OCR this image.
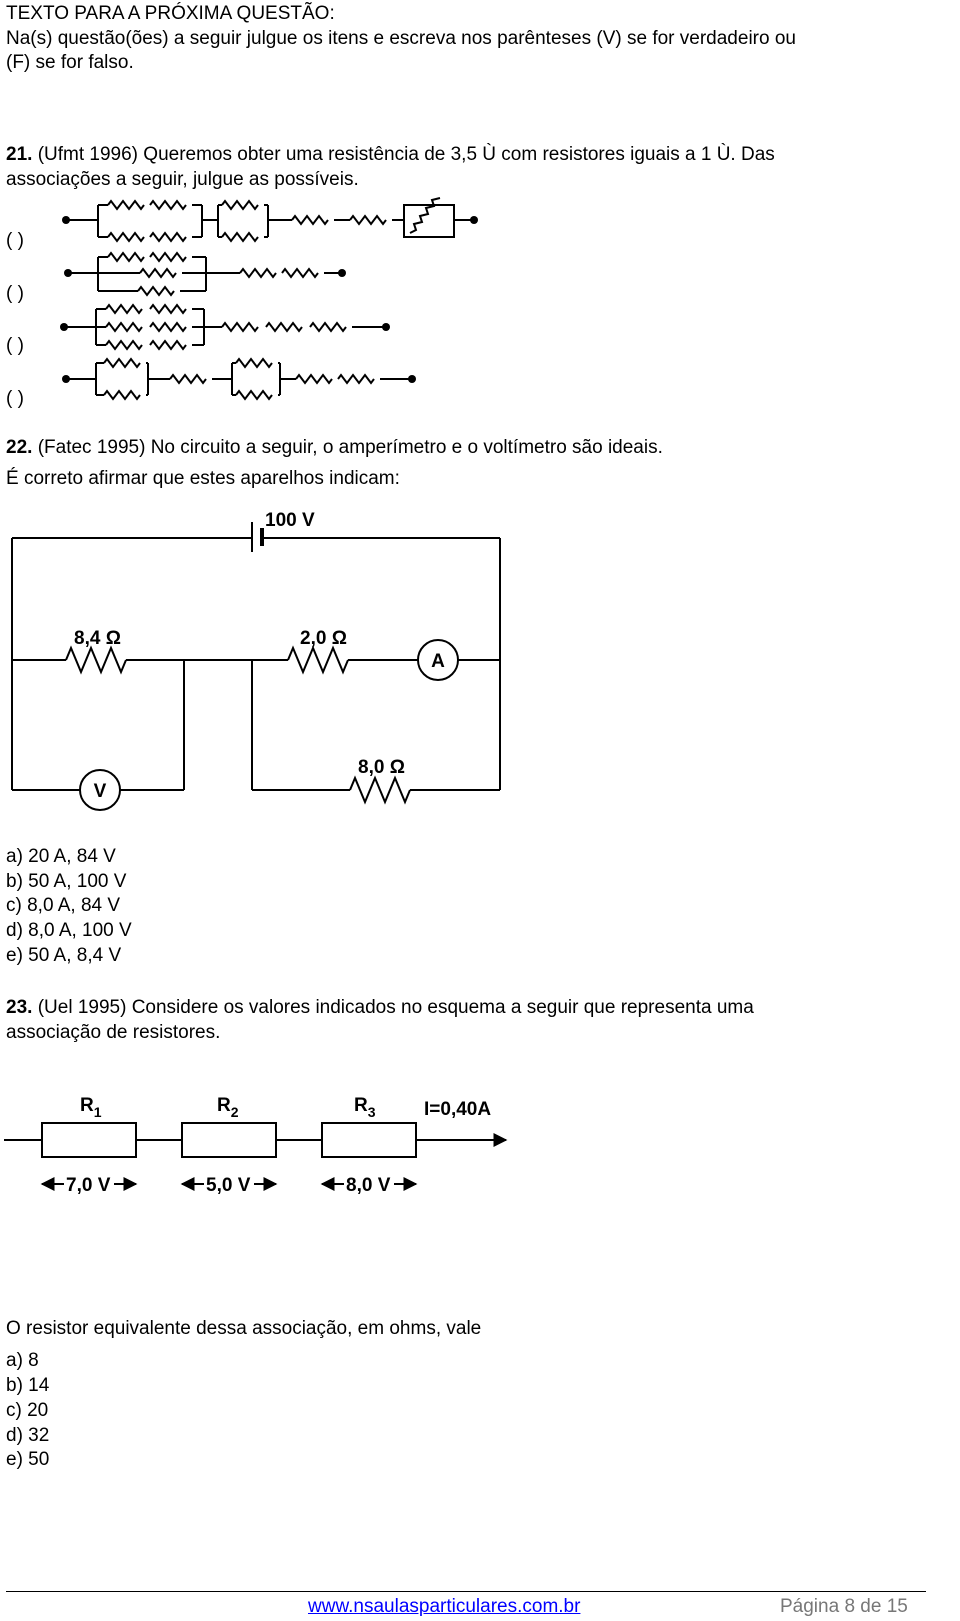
TEXTO PARA A PRÓXIMA QUESTÃO:
Na(s) questão(ões) a seguir julgue os itens e escreva nos parênteses (V) se for verdadeiro ou
(F) se for falso.
21. (Ufmt 1996) Queremos obter uma resistência de 3,5 Ù com resistores iguais a 1 Ù. Das
associações a seguir, julgue as possíveis.
( )
( )
( )
( )
22. (Fatec 1995) No circuito a seguir, o amperímetro e o voltímetro são ideais.
É correto afirmar que estes aparelhos indicam:
100 V
8,4 Ω	2,0 Ω
A
V
8,0 Ω
a) 20 A, 84 V
b) 50 A, 100 V
c) 8,0 A, 84 V
d) 8,0 A, 100 V
e) 50 A, 8,4 V
23. (Uel 1995) Considere os valores indicados no esquema a seguir que representa uma
associação de resistores.
$R_1$	$R_2$	$R_3$	I=0,40A
7,0 V	5,0 V	8,0 V
O resistor equivalente dessa associação, em ohms, vale
a) 8
b) 14
c) 20
d) 32
e) 50
www.nsaulasparticulares.com.br	Página 8 de 15
